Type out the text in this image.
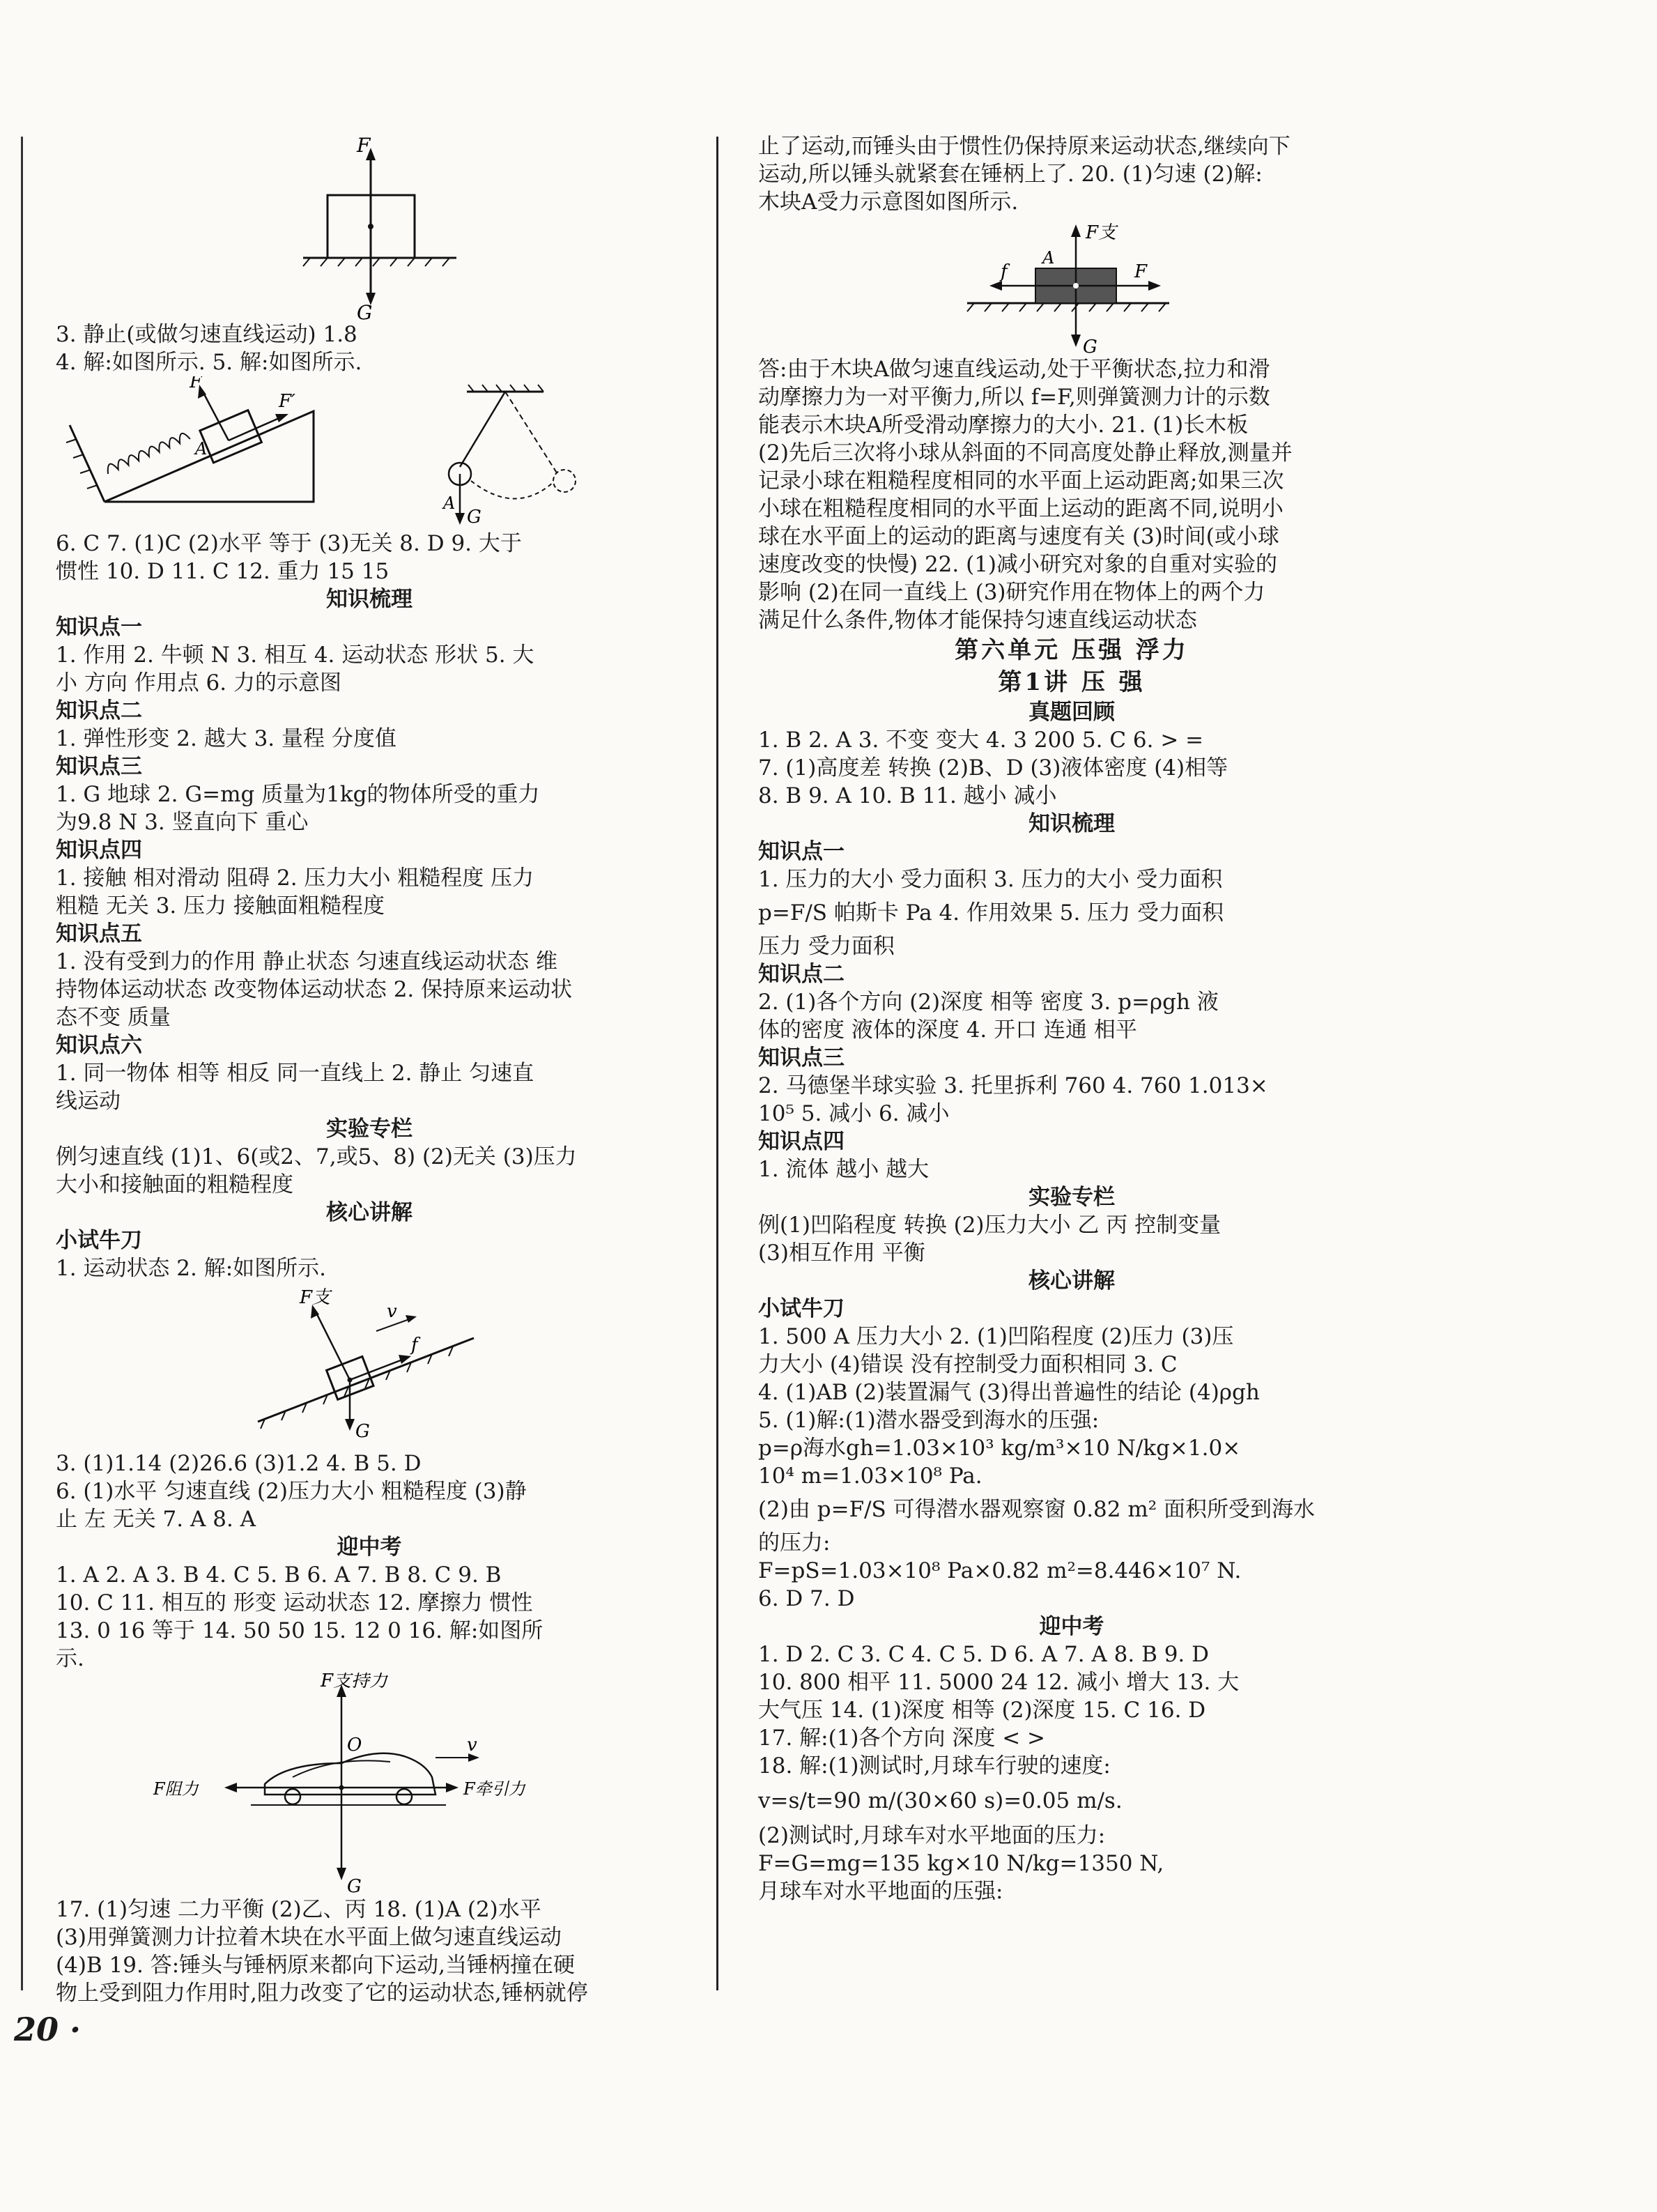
F
G
3. 静止(或做匀速直线运动) 1.8
4. 解:如图所示. 5. 解:如图所示.
F
F′
A
A
G
6. C 7. (1)C (2)水平 等于 (3)无关 8. D 9. 大于
惯性 10. D 11. C 12. 重力 15 15
知识梳理
知识点一
1. 作用 2. 牛顿 N 3. 相互 4. 运动状态 形状 5. 大
小 方向 作用点 6. 力的示意图
知识点二
1. 弹性形变 2. 越大 3. 量程 分度值
知识点三
1. G 地球 2. G=mg 质量为1kg的物体所受的重力
为9.8 N 3. 竖直向下 重心
知识点四
1. 接触 相对滑动 阻碍 2. 压力大小 粗糙程度 压力
粗糙 无关 3. 压力 接触面粗糙程度
知识点五
1. 没有受到力的作用 静止状态 匀速直线运动状态 维
持物体运动状态 改变物体运动状态 2. 保持原来运动状
态不变 质量
知识点六
1. 同一物体 相等 相反 同一直线上 2. 静止 匀速直
线运动
实验专栏
例匀速直线 (1)1、6(或2、7,或5、8) (2)无关 (3)压力
大小和接触面的粗糙程度
核心讲解
小试牛刀
1. 运动状态 2. 解:如图所示.
F支
v
f
G
3. (1)1.14 (2)26.6 (3)1.2 4. B 5. D
6. (1)水平 匀速直线 (2)压力大小 粗糙程度 (3)静
止 左 无关 7. A 8. A
迎中考
1. A 2. A 3. B 4. C 5. B 6. A 7. B 8. C 9. B
10. C 11. 相互的 形变 运动状态 12. 摩擦力 惯性
13. 0 16 等于 14. 50 50 15. 12 0 16. 解:如图所
示.
F支持力
O	v
F阻力	F牵引力
G
17. (1)匀速 二力平衡 (2)乙、丙 18. (1)A (2)水平
(3)用弹簧测力计拉着木块在水平面上做匀速直线运动
(4)B 19. 答:锤头与锤柄原来都向下运动,当锤柄撞在硬
物上受到阻力作用时,阻力改变了它的运动状态,锤柄就停
止了运动,而锤头由于惯性仍保持原来运动状态,继续向下
运动,所以锤头就紧套在锤柄上了. 20. (1)匀速 (2)解:
木块A受力示意图如图所示.
F支
A
f	F
G
答:由于木块A做匀速直线运动,处于平衡状态,拉力和滑
动摩擦力为一对平衡力,所以 f=F,则弹簧测力计的示数
能表示木块A所受滑动摩擦力的大小. 21. (1)长木板
(2)先后三次将小球从斜面的不同高度处静止释放,测量并
记录小球在粗糙程度相同的水平面上运动距离;如果三次
小球在粗糙程度相同的水平面上运动的距离不同,说明小
球在水平面上的运动的距离与速度有关 (3)时间(或小球
速度改变的快慢) 22. (1)减小研究对象的自重对实验的
影响 (2)在同一直线上 (3)研究作用在物体上的两个力
满足什么条件,物体才能保持匀速直线运动状态
第六单元 压强 浮力
第1讲 压 强
真题回顾
1. B 2. A 3. 不变 变大 4. 3 200 5. C 6. > =
7. (1)高度差 转换 (2)B、D (3)液体密度 (4)相等
8. B 9. A 10. B 11. 越小 减小
知识梳理
知识点一
1. 压力的大小 受力面积 3. 压力的大小 受力面积
p=F/S 帕斯卡 Pa 4. 作用效果 5. 压力 受力面积
压力 受力面积
知识点二
2. (1)各个方向 (2)深度 相等 密度 3. p=ρgh 液
体的密度 液体的深度 4. 开口 连通 相平
知识点三
2. 马德堡半球实验 3. 托里拆利 760 4. 760 1.013×
10⁵ 5. 减小 6. 减小
知识点四
1. 流体 越小 越大
实验专栏
例(1)凹陷程度 转换 (2)压力大小 乙 丙 控制变量
(3)相互作用 平衡
核心讲解
小试牛刀
1. 500 A 压力大小 2. (1)凹陷程度 (2)压力 (3)压
力大小 (4)错误 没有控制受力面积相同 3. C
4. (1)AB (2)装置漏气 (3)得出普遍性的结论 (4)ρgh
5. (1)解:(1)潜水器受到海水的压强:
p=ρ海水gh=1.03×10³ kg/m³×10 N/kg×1.0×
10⁴ m=1.03×10⁸ Pa.
(2)由 p=F/S 可得潜水器观察窗 0.82 m² 面积所受到海水
的压力:
F=pS=1.03×10⁸ Pa×0.82 m²=8.446×10⁷ N.
6. D 7. D
迎中考
1. D 2. C 3. C 4. C 5. D 6. A 7. A 8. B 9. D
10. 800 相平 11. 5000 24 12. 减小 增大 13. 大
大气压 14. (1)深度 相等 (2)深度 15. C 16. D
17. 解:(1)各个方向 深度 < >
18. 解:(1)测试时,月球车行驶的速度:
v=s/t=90 m/(30×60 s)=0.05 m/s.
(2)测试时,月球车对水平地面的压力:
F=G=mg=135 kg×10 N/kg=1350 N,
月球车对水平地面的压强:
20 ·
